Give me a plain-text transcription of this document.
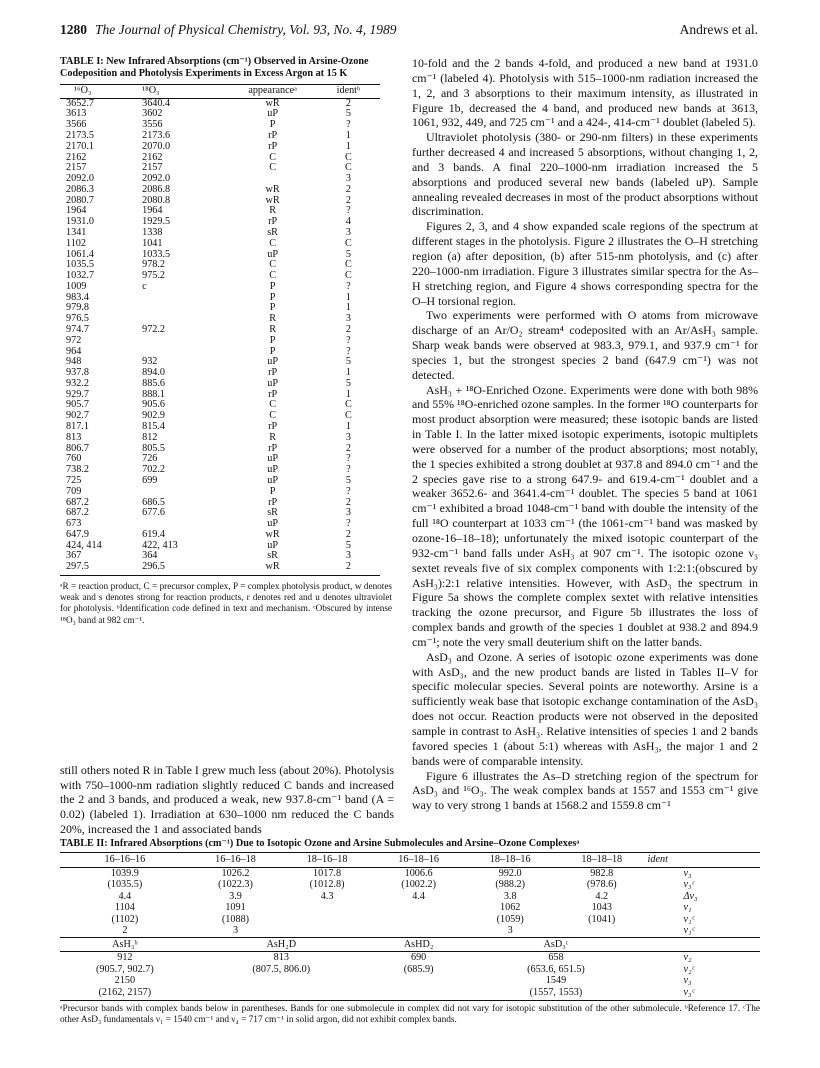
1280 The Journal of Physical Chemistry, Vol. 93, No. 4, 1989	Andrews et al.
TABLE I: New Infrared Absorptions (cm⁻¹) Observed in Arsine-Ozone Codeposition and Photolysis Experiments in Excess Argon at 15 K
¹⁶O₃	¹⁸O₃	appearanceᵃ	identᵇ
3652.7	3640.4	wR	2
3613	3602	uP	5
3566	3556	P	?
2173.5	2173.6	rP	1
2170.1	2070.0	rP	1
2162	2162	C	C
2157	2157	C	C
2092.0	2092.0		3
2086.3	2086.8	wR	2
2080.7	2080.8	wR	2
1964	1964	R	?
1931.0	1929.5	rP	4
1341	1338	sR	3
1102	1041	C	C
1061.4	1033.5	uP	5
1035.5	978.2	C	C
1032.7	975.2	C	C
1009	c	P	?
983.4		P	1
979.8		P	1
976.5		R	3
974.7	972.2	R	2
972		P	?
964		P	?
948	932	uP	5
937.8	894.0	rP	1
932.2	885.6	uP	5
929.7	888.1	rP	1
905.7	905.6	C	C
902.7	902.9	C	C
817.1	815.4	rP	1
813	812	R	3
806.7	805.5	rP	2
760	726	uP	?
738.2	702.2	uP	?
725	699	uP	5
709		P	?
687.2	686.5	rP	2
687.2	677.6	sR	3
673		uP	?
647.9	619.4	wR	2
424, 414	422, 413	uP	5
367	364	sR	3
297.5	296.5	wR	2
ᵃR = reaction product, C = precursor complex, P = complex photolysis product, w denotes weak and s denotes strong for reaction products, r denotes red and u denotes ultraviolet for photolysis. ᵇIdentification code defined in text and mechanism. ᶜObscured by intense ¹⁸O₃ band at 982 cm⁻¹.
still others noted R in Table I grew much less (about 20%). Photolysis with 750–1000-nm radiation slightly reduced C bands and increased the 2 and 3 bands, and produced a weak, new 937.8-cm⁻¹ band (A = 0.02) (labeled 1). Irradiation at 630–1000 nm reduced the C bands 20%, increased the 1 and associated bands

10-fold and the 2 bands 4-fold, and produced a new band at 1931.0 cm⁻¹ (labeled 4). Photolysis with 515–1000-nm radiation increased the 1, 2, and 3 absorptions to their maximum intensity, as illustrated in Figure 1b, decreased the 4 band, and produced new bands at 3613, 1061, 932, 449, and 725 cm⁻¹ and a 424-, 414-cm⁻¹ doublet (labeled 5).

Ultraviolet photolysis (380- or 290-nm filters) in these experiments further decreased 4 and increased 5 absorptions, without changing 1, 2, and 3 bands. A final 220–1000-nm irradiation increased the 5 absorptions and produced several new bands (labeled uP). Sample annealing revealed decreases in most of the product absorptions without discrimination.

Figures 2, 3, and 4 show expanded scale regions of the spectrum at different stages in the photolysis. Figure 2 illustrates the O–H stretching region (a) after deposition, (b) after 515-nm photolysis, and (c) after 220–1000-nm irradiation. Figure 3 illustrates similar spectra for the As–H stretching region, and Figure 4 shows corresponding spectra for the O–H torsional region.

Two experiments were performed with O atoms from microwave discharge of an Ar/O₂ stream⁴ codeposited with an Ar/AsH₃ sample. Sharp weak bands were observed at 983.3, 979.1, and 937.9 cm⁻¹ for species 1, but the strongest species 2 band (647.9 cm⁻¹) was not detected.

AsH₃ + ¹⁸O-Enriched Ozone. Experiments were done with both 98% and 55% ¹⁸O-enriched ozone samples. In the former ¹⁸O counterparts for most product absorption were measured; these isotopic bands are listed in Table I. In the latter mixed isotopic experiments, isotopic multiplets were observed for a number of the product absorptions; most notably, the 1 species exhibited a strong doublet at 937.8 and 894.0 cm⁻¹ and the 2 species gave rise to a strong 647.9- and 619.4-cm⁻¹ doublet and a weaker 3652.6- and 3641.4-cm⁻¹ doublet. The species 5 band at 1061 cm⁻¹ exhibited a broad 1048-cm⁻¹ band with double the intensity of the full ¹⁸O counterpart at 1033 cm⁻¹ (the 1061-cm⁻¹ band was masked by ozone-16–18–18); unfortunately the mixed isotopic counterpart of the 932-cm⁻¹ band falls under AsH₃ at 907 cm⁻¹. The isotopic ozone ν₃ sextet reveals five of six complex components with 1:2:1:(obscured by AsH₃):2:1 relative intensities. However, with AsD₃ the spectrum in Figure 5a shows the complete complex sextet with relative intensities tracking the ozone precursor, and Figure 5b illustrates the loss of complex bands and growth of the species 1 doublet at 938.2 and 894.9 cm⁻¹; note the very small deuterium shift on the latter bands.

AsD₃ and Ozone. A series of isotopic ozone experiments was done with AsD₃, and the new product bands are listed in Tables II–V for specific molecular species. Several points are noteworthy. Arsine is a sufficiently weak base that isotopic exchange contamination of the AsD₃ does not occur. Reaction products were not observed in the deposited sample in contrast to AsH₃. Relative intensities of species 1 and 2 bands favored species 1 (about 5:1) whereas with AsH₃, the major 1 and 2 bands were of comparable intensity.

Figure 6 illustrates the As–D stretching region of the spectrum for AsD₃ and ¹⁶O₃. The weak complex bands at 1557 and 1553 cm⁻¹ give way to very strong 1 bands at 1568.2 and 1559.8 cm⁻¹

TABLE II: Infrared Absorptions (cm⁻¹) Due to Isotopic Ozone and Arsine Submolecules and Arsine–Ozone Complexesᵃ
16–16–16	16–16–18	18–16–18	16–18–16	18–18–16	18–18–18	ident
1039.9	1026.2	1017.8	1006.6	992.0	982.8	ν₃
(1035.5)	(1022.3)	(1012.8)	(1002.2)	(988.2)	(978.6)	ν₃ᶜ
4.4	3.9	4.3	4.4	3.8	4.2	Δν₃
1104	1091			1062	1043	ν₁
(1102)	(1088)			(1059)	(1041)	ν₁ᶜ
2	3			3		ν₁ᶜ
AsH₃ᵇ	AsH₂D		AsHD₂	AsD₃ᶜ		
912	813		690	658		ν₂
(905.7, 902.7)	(807.5, 806.0)		(685.9)	(653.6, 651.5)		ν₂ᶜ
2150				1549		ν₃
(2162, 2157)				(1557, 1553)		ν₃ᶜ
ᵃPrecursor bands with complex bands below in parentheses. Bands for one submolecule in complex did not vary for isotopic substitution of the other submolecule. ᵇReference 17. ᶜThe other AsD₃ fundamentals ν₁ = 1540 cm⁻¹ and ν₄ = 717 cm⁻¹ in solid argon, did not exhibit complex bands.
